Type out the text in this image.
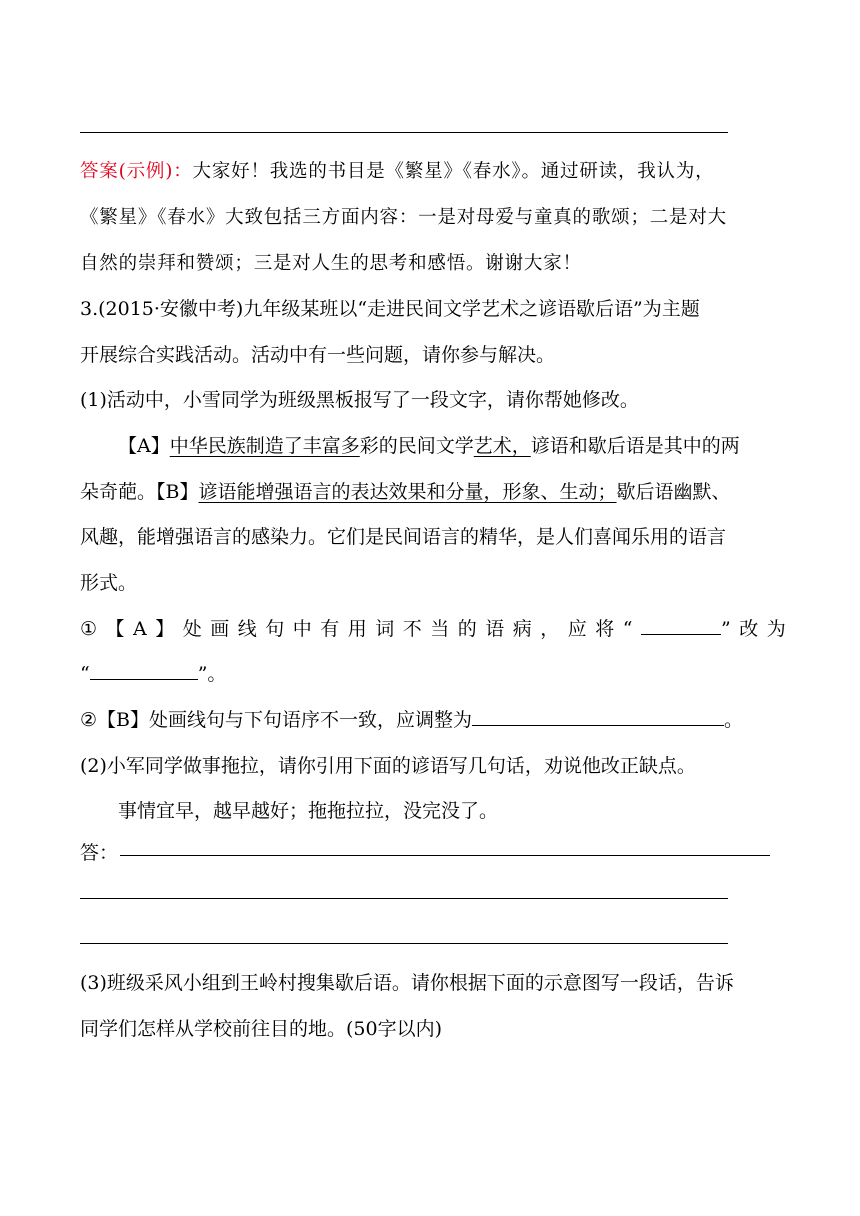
答案(示例)：大家好！我选的书目是《繁星》《春水》。通过研读，我认为，
《繁星》《春水》大致包括三方面内容：一是对母爱与童真的歌颂；二是对大
自然的崇拜和赞颂；三是对人生的思考和感悟。谢谢大家！
3.(2015·安徽中考)九年级某班以“走进民间文学艺术之谚语歇后语”为主题
开展综合实践活动。活动中有一些问题，请你参与解决。
(1)活动中，小雪同学为班级黑板报写了一段文字，请你帮她修改。
【A】中华民族制造了丰富多彩的民间文学艺术，谚语和歇后语是其中的两
朵奇葩。【B】谚语能增强语言的表达效果和分量，形象、生动；歇后语幽默、
风趣，能增强语言的感染力。它们是民间语言的精华，是人们喜闻乐用的语言
形式。
①【A】处画线句中有用词不当的语病，应将“	”改为
“	”。
②【B】处画线句与下句语序不一致，应调整为	。
(2)小军同学做事拖拉，请你引用下面的谚语写几句话，劝说他改正缺点。
事情宜早，越早越好；拖拖拉拉，没完没了。
答：
(3)班级采风小组到王岭村搜集歇后语。请你根据下面的示意图写一段话，告诉
同学们怎样从学校前往目的地。(50字以内)
